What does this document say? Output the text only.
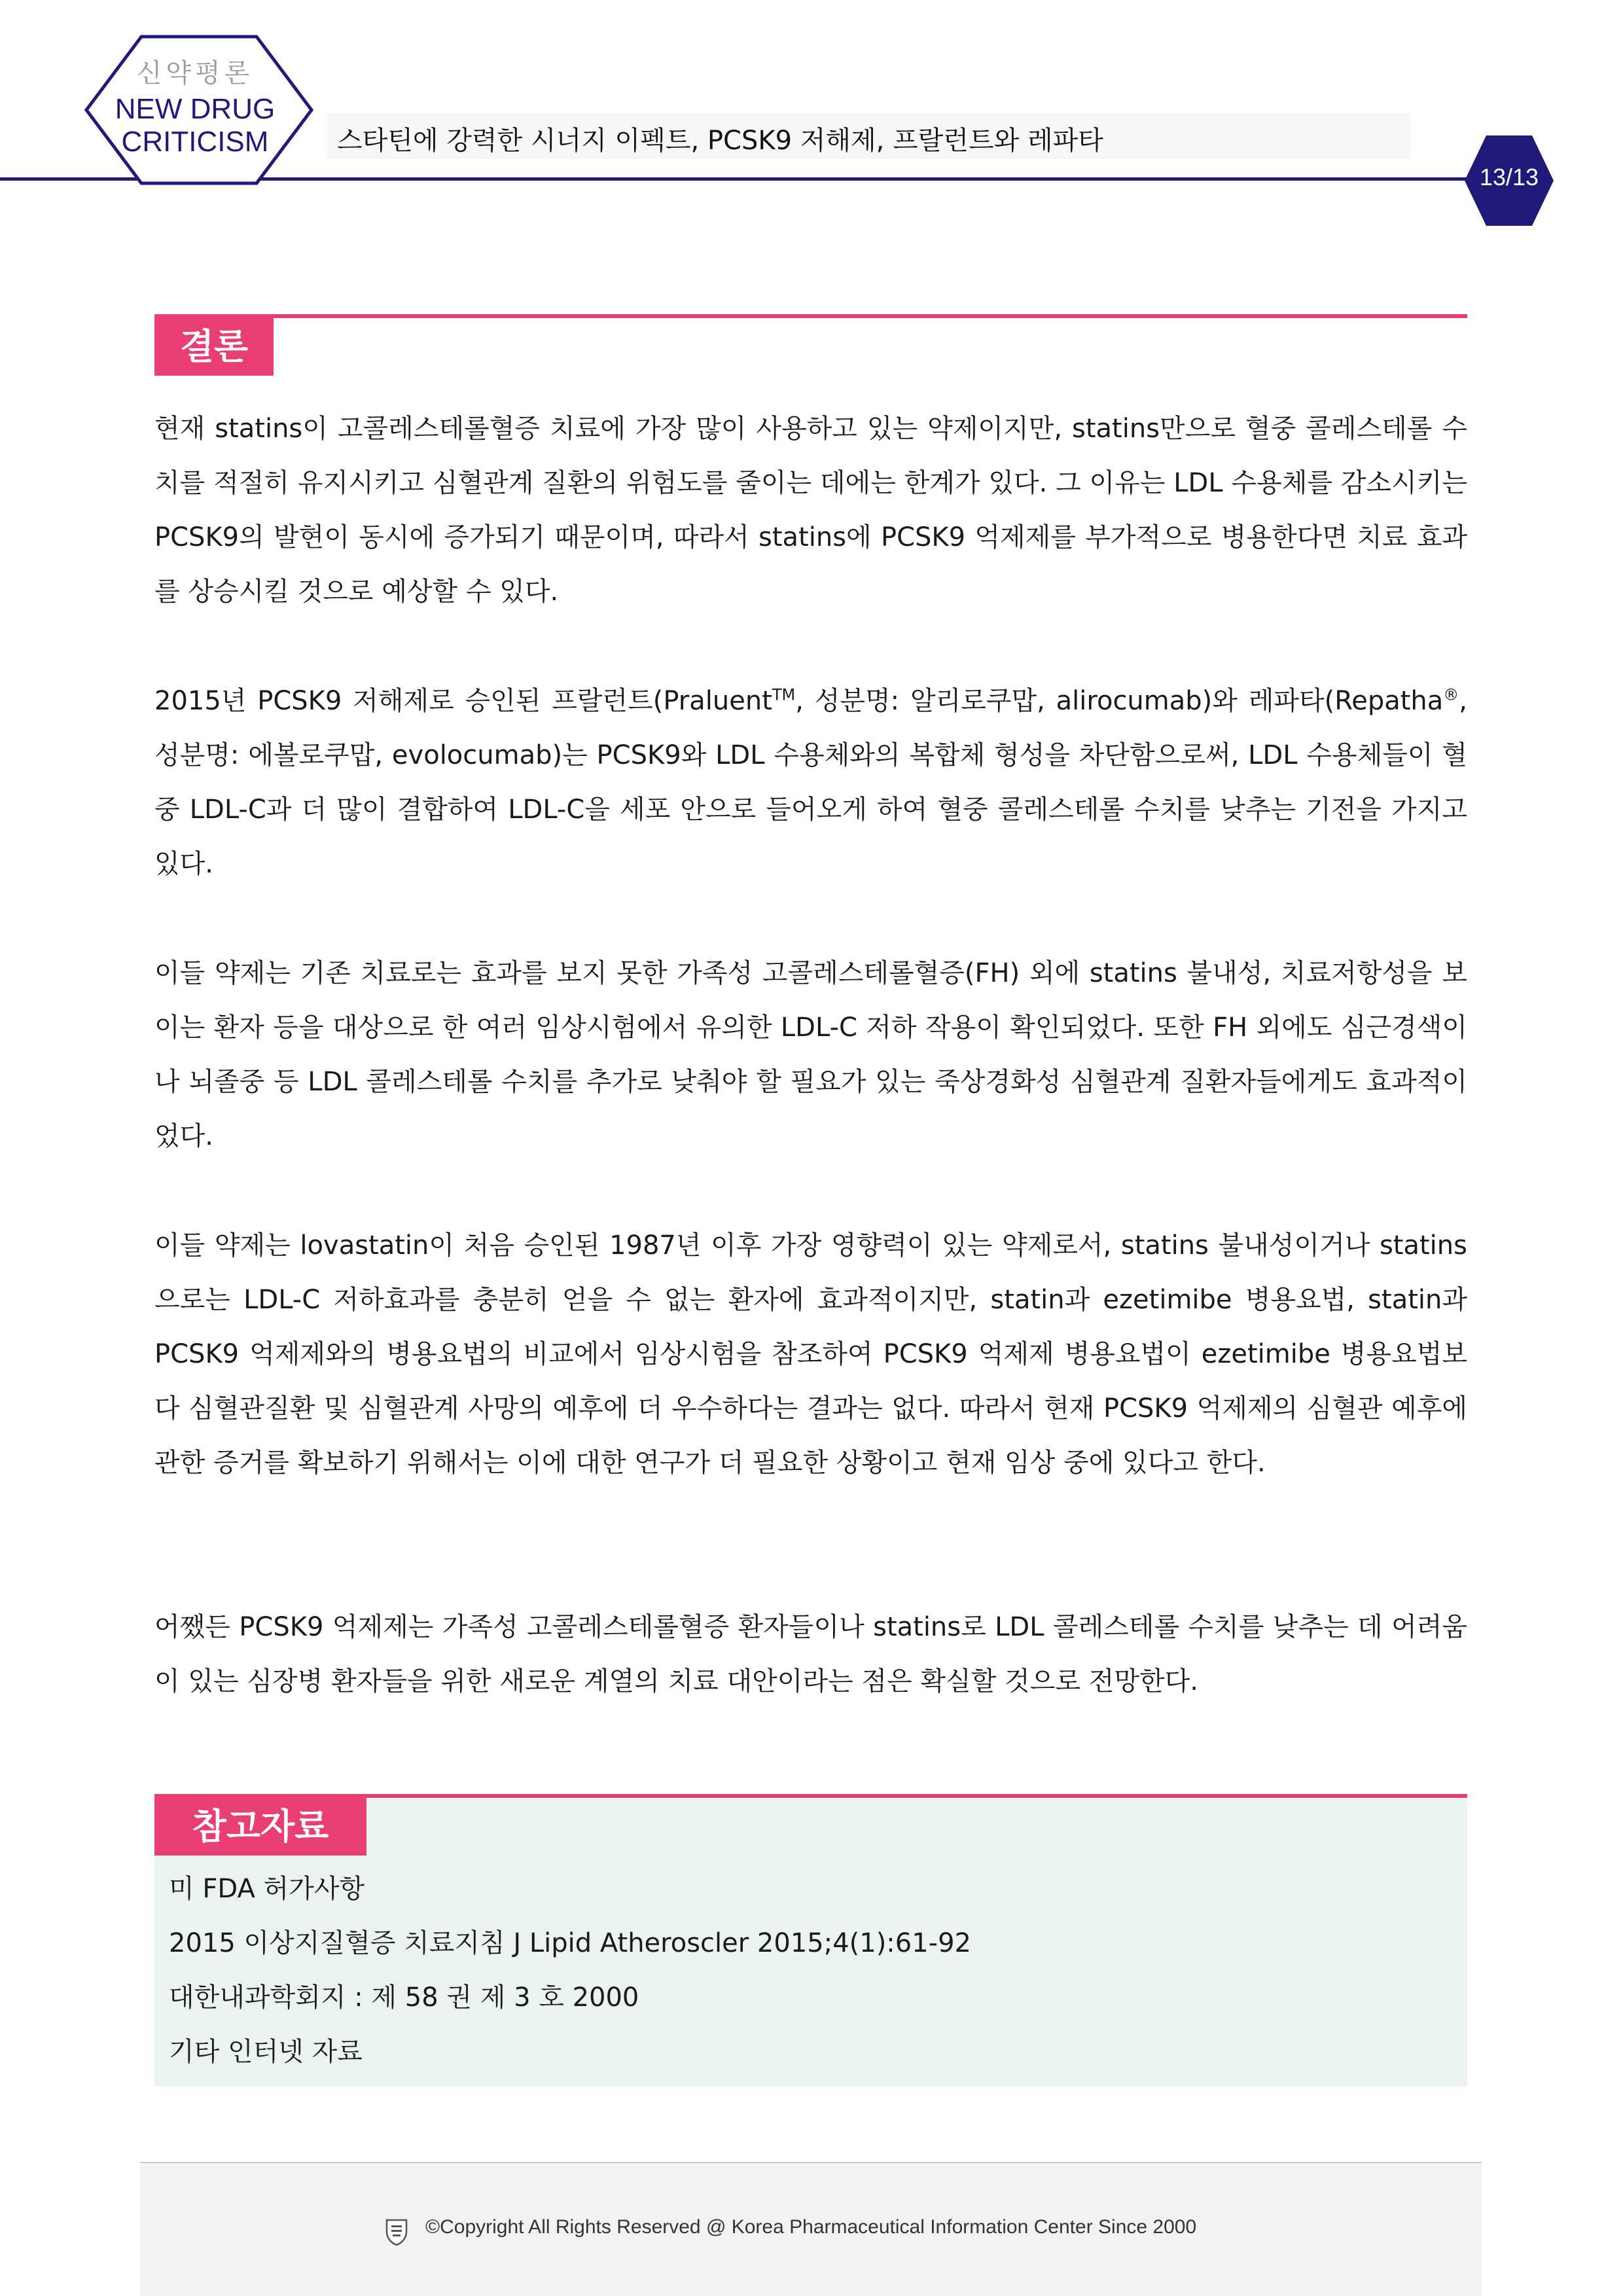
신약평론
NEW DRUG
CRITICISM	스타틴에 강력한 시너지 이펙트, PCSK9 저해제, 프랄런트와 레파타
13/13
결론

현재 statins이 고콜레스테롤혈증 치료에 가장 많이 사용하고 있는 약제이지만, statins만으로 혈중 콜레스테롤 수치를 적절히 유지시키고 심혈관계 질환의 위험도를 줄이는 데에는 한계가 있다. 그 이유는 LDL 수용체를 감소시키는 PCSK9의 발현이 동시에 증가되기 때문이며, 따라서 statins에 PCSK9 억제제를 부가적으로 병용한다면 치료 효과를 상승시킬 것으로 예상할 수 있다.

2015년 PCSK9 저해제로 승인된 프랄런트(Praluent™, 성분명: 알리로쿠맙, alirocumab)와 레파타(Repatha®, 성분명: 에볼로쿠맙, evolocumab)는 PCSK9와 LDL 수용체와의 복합체 형성을 차단함으로써, LDL 수용체들이 혈중 LDL-C과 더 많이 결합하여 LDL-C을 세포 안으로 들어오게 하여 혈중 콜레스테롤 수치를 낮추는 기전을 가지고 있다.

이들 약제는 기존 치료로는 효과를 보지 못한 가족성 고콜레스테롤혈증(FH) 외에 statins 불내성, 치료저항성을 보이는 환자 등을 대상으로 한 여러 임상시험에서 유의한 LDL-C 저하 작용이 확인되었다. 또한 FH 외에도 심근경색이나 뇌졸중 등 LDL 콜레스테롤 수치를 추가로 낮춰야 할 필요가 있는 죽상경화성 심혈관계 질환자들에게도 효과적이었다.

이들 약제는 lovastatin이 처음 승인된 1987년 이후 가장 영향력이 있는 약제로서, statins 불내성이거나 statins으로는 LDL-C 저하효과를 충분히 얻을 수 없는 환자에 효과적이지만, statin과 ezetimibe 병용요법, statin과 PCSK9 억제제와의 병용요법의 비교에서 임상시험을 참조하여 PCSK9 억제제 병용요법이 ezetimibe 병용요법보다 심혈관질환 및 심혈관계 사망의 예후에 더 우수하다는 결과는 없다. 따라서 현재 PCSK9 억제제의 심혈관 예후에 관한 증거를 확보하기 위해서는 이에 대한 연구가 더 필요한 상황이고 현재 임상 중에 있다고 한다.

어쨌든 PCSK9 억제제는 가족성 고콜레스테롤혈증 환자들이나 statins로 LDL 콜레스테롤 수치를 낮추는 데 어려움이 있는 심장병 환자들을 위한 새로운 계열의 치료 대안이라는 점은 확실할 것으로 전망한다.

참고자료
미 FDA 허가사항
2015 이상지질혈증 치료지침 J Lipid Atheroscler 2015;4(1):61-92
대한내과학회지 : 제 58 권 제 3 호 2000
기타 인터넷 자료
©Copyright All Rights Reserved @ Korea Pharmaceutical Information Center Since 2000
